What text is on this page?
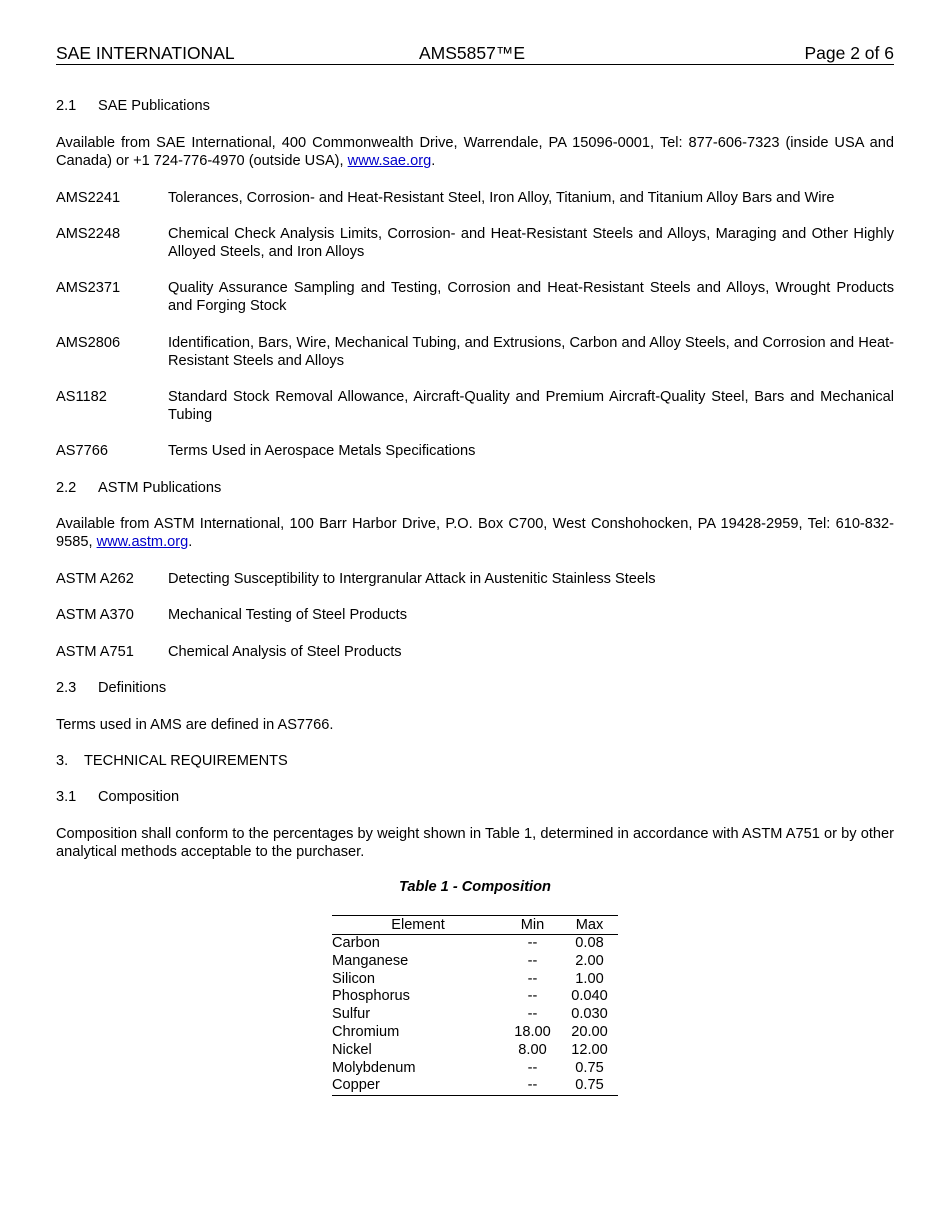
SAE INTERNATIONAL	AMS5857™E	Page 2 of 6
2.1 SAE Publications
Available from SAE International, 400 Commonwealth Drive, Warrendale, PA 15096-0001, Tel: 877-606-7323 (inside USA and Canada) or +1 724-776-4970 (outside USA), www.sae.org.
AMS2241	Tolerances, Corrosion- and Heat-Resistant Steel, Iron Alloy, Titanium, and Titanium Alloy Bars and Wire
AMS2248	Chemical Check Analysis Limits, Corrosion- and Heat-Resistant Steels and Alloys, Maraging and Other Highly Alloyed Steels, and Iron Alloys
AMS2371	Quality Assurance Sampling and Testing, Corrosion and Heat-Resistant Steels and Alloys, Wrought Products and Forging Stock
AMS2806	Identification, Bars, Wire, Mechanical Tubing, and Extrusions, Carbon and Alloy Steels, and Corrosion and Heat-Resistant Steels and Alloys
AS1182	Standard Stock Removal Allowance, Aircraft-Quality and Premium Aircraft-Quality Steel, Bars and Mechanical Tubing
AS7766	Terms Used in Aerospace Metals Specifications
2.2 ASTM Publications
Available from ASTM International, 100 Barr Harbor Drive, P.O. Box C700, West Conshohocken, PA 19428-2959, Tel: 610-832-9585, www.astm.org.
ASTM A262 Detecting Susceptibility to Intergranular Attack in Austenitic Stainless Steels
ASTM A370 Mechanical Testing of Steel Products
ASTM A751 Chemical Analysis of Steel Products
2.3 Definitions
Terms used in AMS are defined in AS7766.
3. TECHNICAL REQUIREMENTS
3.1 Composition
Composition shall conform to the percentages by weight shown in Table 1, determined in accordance with ASTM A751 or by other analytical methods acceptable to the purchaser.
Table 1 - Composition
Element	Min	Max
Carbon	--	0.08
Manganese	--	2.00
Silicon	--	1.00
Phosphorus	--	0.040
Sulfur	--	0.030
Chromium	18.00	20.00
Nickel	8.00	12.00
Molybdenum	--	0.75
Copper	--	0.75
